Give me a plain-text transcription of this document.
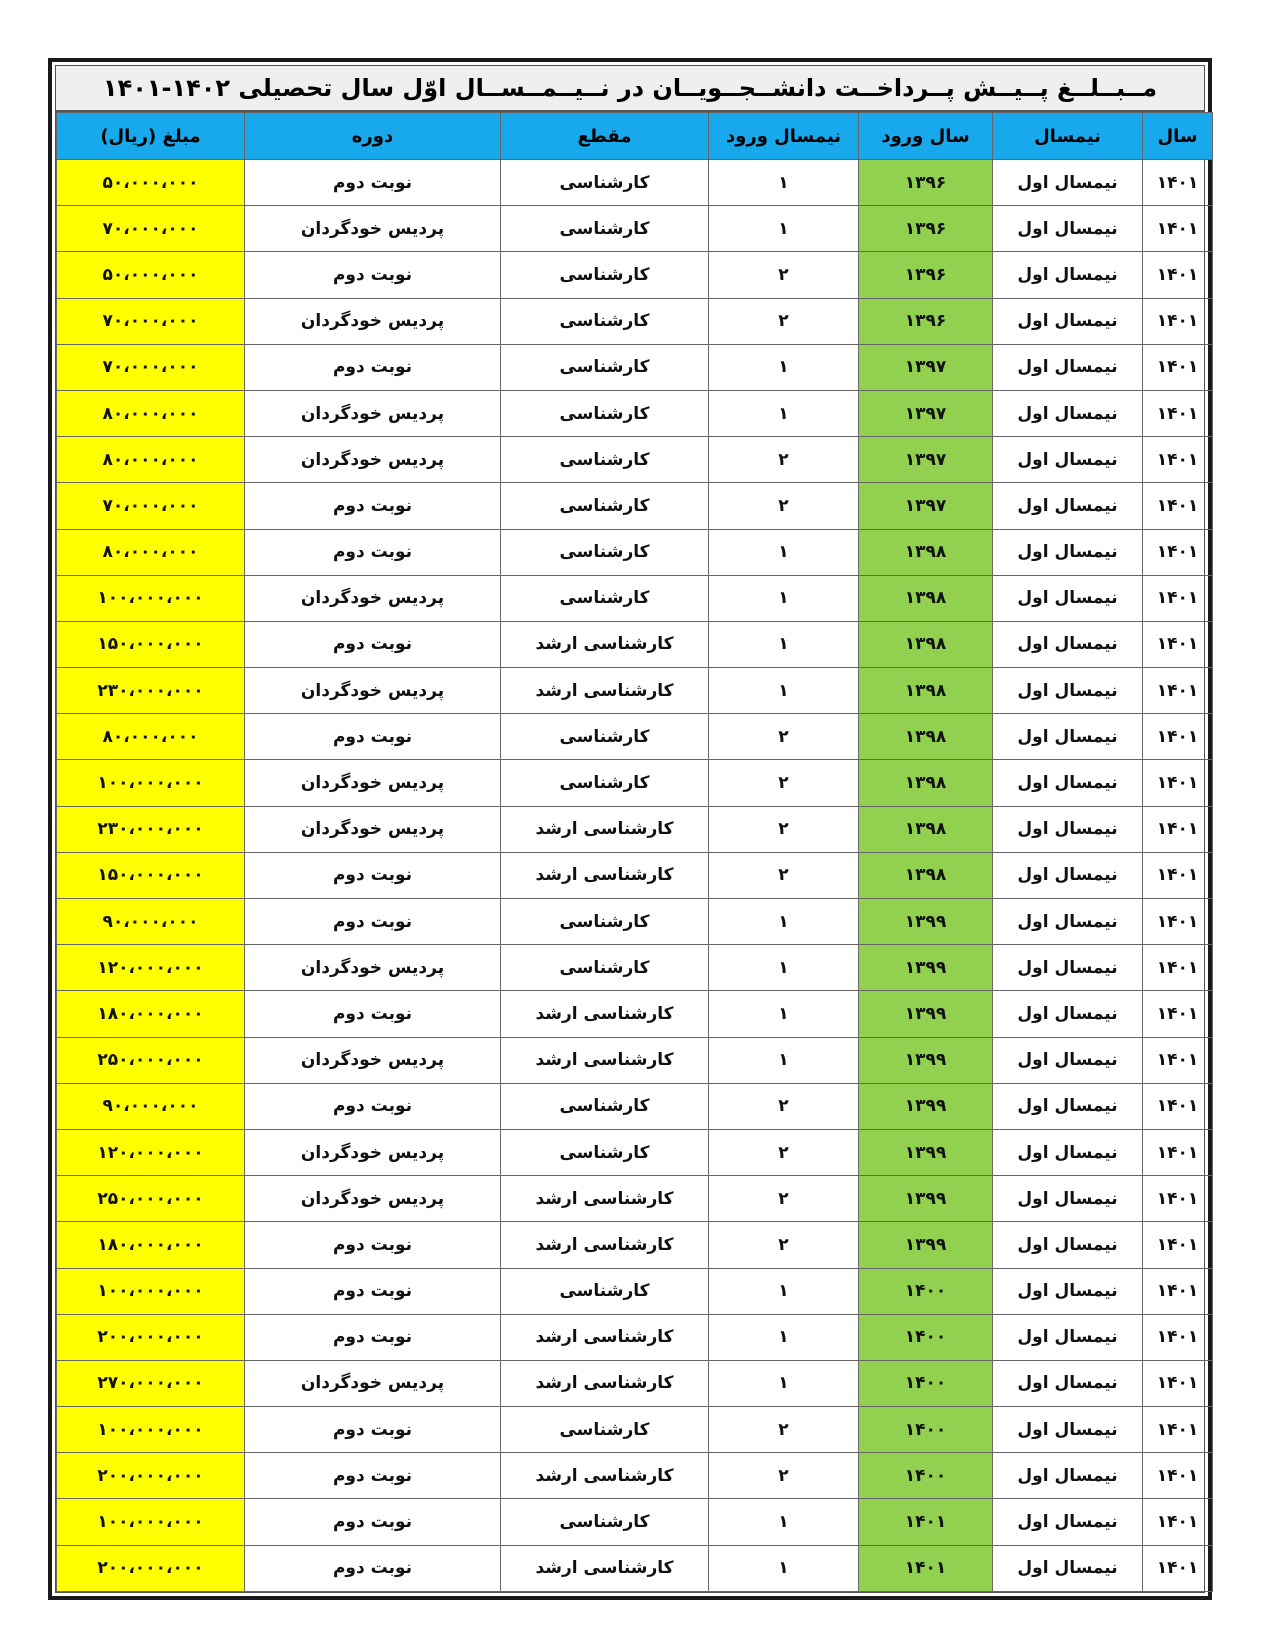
مــبــلــغ پــیــش پــرداخــت دانشــجــویــان در نــیــمــســال اوّل سال تحصیلی ۱۴۰۲-۱۴۰۱
سال	نیمسال	سال ورود	نیمسال ورود	مقطع	دوره	مبلغ (ریال)
۱۴۰۱	نیمسال اول	۱۳۹۶	۱	کارشناسی	نوبت دوم	۵۰،۰۰۰،۰۰۰
۱۴۰۱	نیمسال اول	۱۳۹۶	۱	کارشناسی	پردیس خودگردان	۷۰،۰۰۰،۰۰۰
۱۴۰۱	نیمسال اول	۱۳۹۶	۲	کارشناسی	نوبت دوم	۵۰،۰۰۰،۰۰۰
۱۴۰۱	نیمسال اول	۱۳۹۶	۲	کارشناسی	پردیس خودگردان	۷۰،۰۰۰،۰۰۰
۱۴۰۱	نیمسال اول	۱۳۹۷	۱	کارشناسی	نوبت دوم	۷۰،۰۰۰،۰۰۰
۱۴۰۱	نیمسال اول	۱۳۹۷	۱	کارشناسی	پردیس خودگردان	۸۰،۰۰۰،۰۰۰
۱۴۰۱	نیمسال اول	۱۳۹۷	۲	کارشناسی	پردیس خودگردان	۸۰،۰۰۰،۰۰۰
۱۴۰۱	نیمسال اول	۱۳۹۷	۲	کارشناسی	نوبت دوم	۷۰،۰۰۰،۰۰۰
۱۴۰۱	نیمسال اول	۱۳۹۸	۱	کارشناسی	نوبت دوم	۸۰،۰۰۰،۰۰۰
۱۴۰۱	نیمسال اول	۱۳۹۸	۱	کارشناسی	پردیس خودگردان	۱۰۰،۰۰۰،۰۰۰
۱۴۰۱	نیمسال اول	۱۳۹۸	۱	کارشناسی ارشد	نوبت دوم	۱۵۰،۰۰۰،۰۰۰
۱۴۰۱	نیمسال اول	۱۳۹۸	۱	کارشناسی ارشد	پردیس خودگردان	۲۳۰،۰۰۰،۰۰۰
۱۴۰۱	نیمسال اول	۱۳۹۸	۲	کارشناسی	نوبت دوم	۸۰،۰۰۰،۰۰۰
۱۴۰۱	نیمسال اول	۱۳۹۸	۲	کارشناسی	پردیس خودگردان	۱۰۰،۰۰۰،۰۰۰
۱۴۰۱	نیمسال اول	۱۳۹۸	۲	کارشناسی ارشد	پردیس خودگردان	۲۳۰،۰۰۰،۰۰۰
۱۴۰۱	نیمسال اول	۱۳۹۸	۲	کارشناسی ارشد	نوبت دوم	۱۵۰،۰۰۰،۰۰۰
۱۴۰۱	نیمسال اول	۱۳۹۹	۱	کارشناسی	نوبت دوم	۹۰،۰۰۰،۰۰۰
۱۴۰۱	نیمسال اول	۱۳۹۹	۱	کارشناسی	پردیس خودگردان	۱۲۰،۰۰۰،۰۰۰
۱۴۰۱	نیمسال اول	۱۳۹۹	۱	کارشناسی ارشد	نوبت دوم	۱۸۰،۰۰۰،۰۰۰
۱۴۰۱	نیمسال اول	۱۳۹۹	۱	کارشناسی ارشد	پردیس خودگردان	۲۵۰،۰۰۰،۰۰۰
۱۴۰۱	نیمسال اول	۱۳۹۹	۲	کارشناسی	نوبت دوم	۹۰،۰۰۰،۰۰۰
۱۴۰۱	نیمسال اول	۱۳۹۹	۲	کارشناسی	پردیس خودگردان	۱۲۰،۰۰۰،۰۰۰
۱۴۰۱	نیمسال اول	۱۳۹۹	۲	کارشناسی ارشد	پردیس خودگردان	۲۵۰،۰۰۰،۰۰۰
۱۴۰۱	نیمسال اول	۱۳۹۹	۲	کارشناسی ارشد	نوبت دوم	۱۸۰،۰۰۰،۰۰۰
۱۴۰۱	نیمسال اول	۱۴۰۰	۱	کارشناسی	نوبت دوم	۱۰۰،۰۰۰،۰۰۰
۱۴۰۱	نیمسال اول	۱۴۰۰	۱	کارشناسی ارشد	نوبت دوم	۲۰۰،۰۰۰،۰۰۰
۱۴۰۱	نیمسال اول	۱۴۰۰	۱	کارشناسی ارشد	پردیس خودگردان	۲۷۰،۰۰۰،۰۰۰
۱۴۰۱	نیمسال اول	۱۴۰۰	۲	کارشناسی	نوبت دوم	۱۰۰،۰۰۰،۰۰۰
۱۴۰۱	نیمسال اول	۱۴۰۰	۲	کارشناسی ارشد	نوبت دوم	۲۰۰،۰۰۰،۰۰۰
۱۴۰۱	نیمسال اول	۱۴۰۱	۱	کارشناسی	نوبت دوم	۱۰۰،۰۰۰،۰۰۰
۱۴۰۱	نیمسال اول	۱۴۰۱	۱	کارشناسی ارشد	نوبت دوم	۲۰۰،۰۰۰،۰۰۰
